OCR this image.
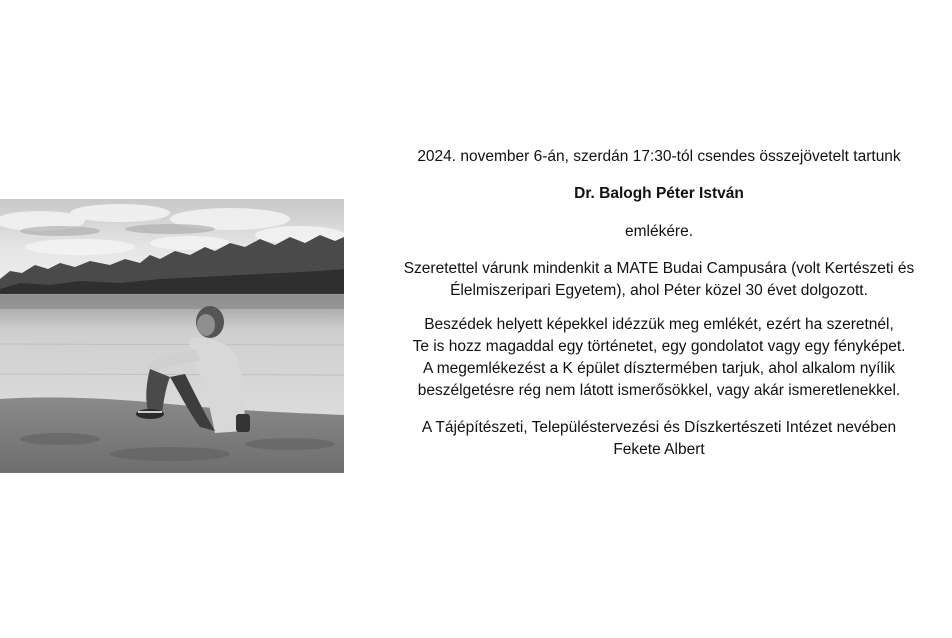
2024. november 6-án, szerdán 17:30-tól csendes összejövetelt tartunk

Dr. Balogh Péter István

emlékére.

Szeretettel várunk mindenkit a MATE Budai Campusára (volt Kertészeti és

Élelmiszeripari Egyetem), ahol Péter közel 30 évet dolgozott.

Beszédek helyett képekkel idézzük meg emlékét, ezért ha szeretnél,

Te is hozz magaddal egy történetet, egy gondolatot vagy egy fényképet.

A megemlékezést a K épület dísztermében tarjuk, ahol alkalom nyílik

beszélgetésre rég nem látott ismerősökkel, vagy akár ismeretlenekkel.

A Tájépítészeti, Településtervezési és Díszkertészeti Intézet nevében

Fekete Albert
